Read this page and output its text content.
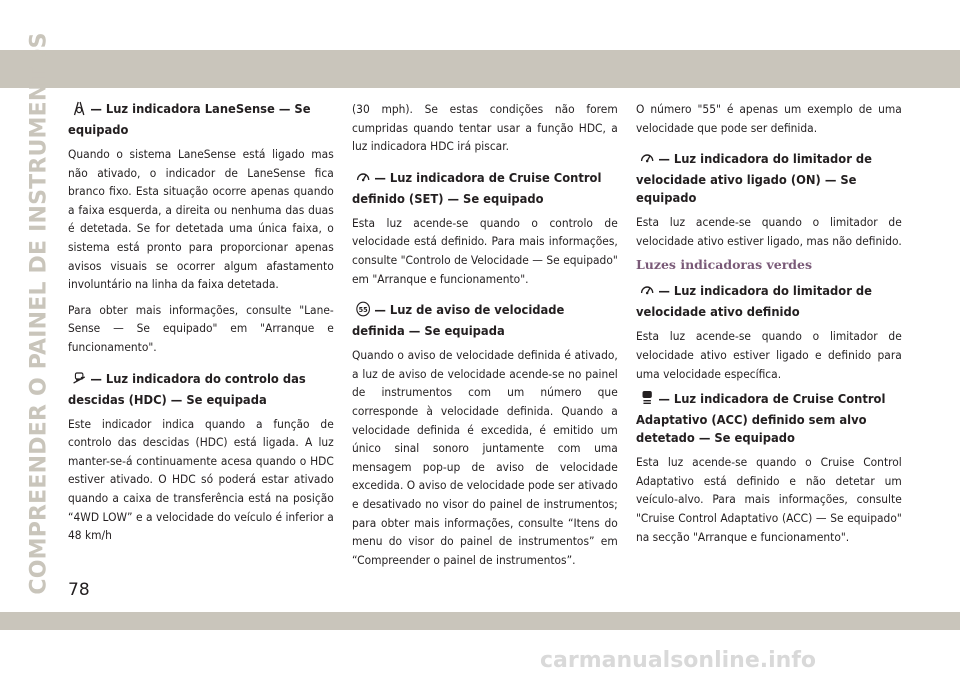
COMPREENDER O PAINEL DE INSTRUMENTOS	— Luz indicadora LaneSense — Se equipado

Quando o sistema LaneSense está ligado mas não ativado, o indicador de LaneSense fica branco fixo. Esta situação ocorre apenas quando a faixa esquerda, a direita ou nenhuma das duas é detetada. Se for detetada uma única faixa, o sistema está pronto para proporcionar apenas avisos visuais se ocorrer algum afastamento involuntário na linha da faixa detetada.

Para obter mais informações, consulte "Lane-Sense — Se equipado" em "Arranque e funcionamento".

— Luz indicadora do controlo das descidas (HDC) — Se equipada

Este indicador indica quando a função de controlo das descidas (HDC) está ligada. A luz manter-se-á continuamente acesa quando o HDC estiver ativado. O HDC só poderá estar ativado quando a caixa de transferência está na posição “4WD LOW” e a velocidade do veículo é inferior a 48 km/h

(30 mph). Se estas condições não forem cumpridas quando tentar usar a função HDC, a luz indicadora HDC irá piscar.

— Luz indicadora de Cruise Control definido (SET) — Se equipado

Esta luz acende-se quando o controlo de velocidade está definido. Para mais informações, consulte "Controlo de Velocidade — Se equipado" em "Arranque e funcionamento".

55 — Luz de aviso de velocidade definida — Se equipada

Quando o aviso de velocidade definida é ativado, a luz de aviso de velocidade acende-se no painel de instrumentos com um número que corresponde à velocidade definida. Quando a velocidade definida é excedida, é emitido um único sinal sonoro juntamente com uma mensagem pop-up de aviso de velocidade excedida. O aviso de velocidade pode ser ativado e desativado no visor do painel de instrumentos; para obter mais informações, consulte “Itens do menu do visor do painel de instrumentos” em “Compreender o painel de instrumentos”.

O número "55" é apenas um exemplo de uma velocidade que pode ser definida.

— Luz indicadora do limitador de velocidade ativo ligado (ON) — Se equipado

Esta luz acende-se quando o limitador de velocidade ativo estiver ligado, mas não definido.

Luzes indicadoras verdes
— Luz indicadora do limitador de velocidade ativo definido

Esta luz acende-se quando o limitador de velocidade ativo estiver ligado e definido para uma velocidade específica.

— Luz indicadora de Cruise Control Adaptativo (ACC) definido sem alvo detetado — Se equipado

Esta luz acende-se quando o Cruise Control Adaptativo está definido e não detetar um veículo-alvo. Para mais informações, consulte "Cruise Control Adaptativo (ACC) — Se equipado" na secção "Arranque e funcionamento".

78
carmanualsonline.info
